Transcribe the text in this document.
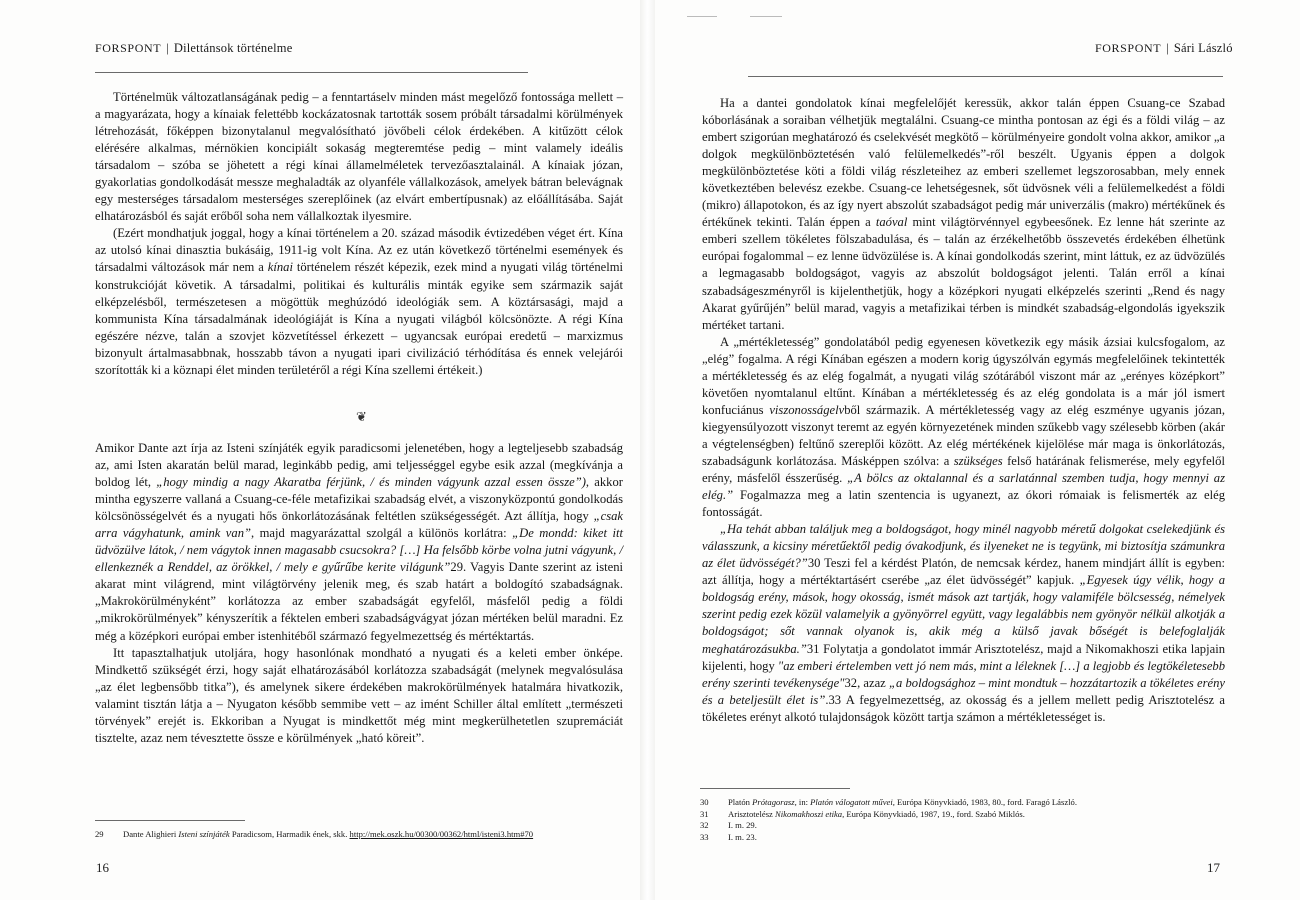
FORSPONT | Dilettánsok történelme

Történelmük változatlanságának pedig – a fenntartáselv minden mást megelőző fontossága mellett – a magyarázata, hogy a kínaiak felettébb kockázatosnak tartották sosem próbált társadalmi körülmények létrehozását, főképpen bizonytalanul megvalósítható jövőbeli célok érdekében. A kitűzött célok elérésére alkalmas, mérnökien koncipiált sokaság megteremtése pedig – mint valamely ideális társadalom – szóba se jöhetett a régi kínai államelméletek tervezőasztalainál. A kínaiak józan, gyakorlatias gondolkodását messze meghaladták az olyanféle vállalkozások, amelyek bátran belevágnak egy mesterséges társadalom mesterséges szereplőinek (az elvárt embertípusnak) az előállításába. Saját elhatározásból és saját erőből soha nem vállalkoztak ilyesmire.

(Ezért mondhatjuk joggal, hogy a kínai történelem a 20. század második évtizedében véget ért. Kína az utolsó kínai dinasztia bukásáig, 1911-ig volt Kína. Az ez után következő történelmi események és társadalmi változások már nem a kínai történelem részét képezik, ezek mind a nyugati világ történelmi konstrukcióját követik. A társadalmi, politikai és kulturális minták egyike sem származik saját elképzelésből, természetesen a mögöttük meghúzódó ideológiák sem. A köztársasági, majd a kommunista Kína társadalmának ideológiáját is Kína a nyugati világból kölcsönözte. A régi Kína egészére nézve, talán a szovjet közvetítéssel érkezett – ugyancsak európai eredetű – marxizmus bizonyult ártalmasabbnak, hosszabb távon a nyugati ipari civilizáció térhódítása és ennek velejárói szorították ki a köznapi élet minden területéről a régi Kína szellemi értékeit.)

❦

Amikor Dante azt írja az Isteni színjáték egyik paradicsomi jelenetében, hogy a legteljesebb szabadság az, ami Isten akaratán belül marad, leginkább pedig, ami teljességgel egybe esik azzal (megkívánja a boldog lét, „hogy mindig a nagy Akaratba férjünk, / és minden vágyunk azzal essen össze”), akkor mintha egyszerre vallaná a Csuang-ce-féle metafizikai szabadság elvét, a viszonyközpontú gondolkodás kölcsönösségelvét és a nyugati hős önkorlátozásának feltétlen szükségességét. Azt állítja, hogy „csak arra vágyhatunk, amink van”, majd magyarázattal szolgál a különös korlátra: „De mondd: kiket itt üdvözülve látok, / nem vágytok innen magasabb csucsokra? […] Ha felsőbb körbe volna jutni vágyunk, / ellenkeznék a Renddel, az örökkel, / mely e gyűrűbe kerite világunk”29. Vagyis Dante szerint az isteni akarat mint világrend, mint világtörvény jelenik meg, és szab határt a boldogító szabadságnak. „Makrokörülményként” korlátozza az ember szabadságát egyfelől, másfelől pedig a földi „mikrokörülmények” kényszerítik a féktelen emberi szabadságvágyat józan mértéken belül maradni. Ez még a középkori európai ember istenhitéből származó fegyelmezettség és mértéktartás.

Itt tapasztalhatjuk utoljára, hogy hasonlónak mondható a nyugati és a keleti ember önképe. Mindkettő szükségét érzi, hogy saját elhatározásából korlátozza szabadságát (melynek megvalósulása „az élet legbensőbb titka”), és amelynek sikere érdekében makrokörülmények hatalmára hivatkozik, valamint tisztán látja a – Nyugaton később semmibe vett – az imént Schiller által említett „természeti törvények” erejét is. Ekkoriban a Nyugat is mindkettőt még mint megkerülhetetlen szupremáciát tisztelte, azaz nem tévesztette össze e körülmények „ható köreit”.

29	Dante Alighieri Isteni színjáték Paradicsom, Harmadik ének, skk. http://mek.oszk.hu/00300/00362/html/isteni3.htm#70
16
FORSPONT | Sári László

Ha a dantei gondolatok kínai megfelelőjét keressük, akkor talán éppen Csuang-ce Szabad kóborlásának a soraiban vélhetjük megtalálni. Csuang-ce mintha pontosan az égi és a földi világ – az embert szigorúan meghatározó és cselekvését megkötő – körülményeire gondolt volna akkor, amikor „a dolgok megkülönböztetésén való felülemelkedés”-ről beszélt. Ugyanis éppen a dolgok megkülönböztetése köti a földi világ részleteihez az emberi szellemet legszorosabban, mely ennek következtében belevész ezekbe. Csuang-ce lehetségesnek, sőt üdvösnek véli a felülemelkedést a földi (mikro) állapotokon, és az így nyert abszolút szabadságot pedig már univerzális (makro) mértékűnek és értékűnek tekinti. Talán éppen a taóval mint világtörvénnyel egybeesőnek. Ez lenne hát szerinte az emberi szellem tökéletes fölszabadulása, és – talán az érzékelhetőbb összevetés érdekében élhetünk európai fogalommal – ez lenne üdvözülése is. A kínai gondolkodás szerint, mint láttuk, ez az üdvözülés a legmagasabb boldogságot, vagyis az abszolút boldogságot jelenti. Talán erről a kínai szabadságeszményről is kijelenthetjük, hogy a középkori nyugati elképzelés szerinti „Rend és nagy Akarat gyűrűjén” belül marad, vagyis a metafizikai térben is mindkét szabadság-elgondolás igyekszik mértéket tartani.

A „mértékletesség” gondolatából pedig egyenesen következik egy másik ázsiai kulcsfogalom, az „elég” fogalma. A régi Kínában egészen a modern korig úgyszólván egymás megfelelőinek tekintették a mértékletesség és az elég fogalmát, a nyugati világ szótárából viszont már az „erényes középkort” követően nyomtalanul eltűnt. Kínában a mértékletesség és az elég gondolata is a már jól ismert konfuciánus viszonosságelvből származik. A mértékletesség vagy az elég eszménye ugyanis józan, kiegyensúlyozott viszonyt teremt az egyén környezetének minden szűkebb vagy szélesebb körben (akár a végtelenségben) feltűnő szereplői között. Az elég mértékének kijelölése már maga is önkorlátozás, szabadságunk korlátozása. Másképpen szólva: a szükséges felső határának felismerése, mely egyfelől erény, másfelől ésszerűség. „A bölcs az oktalannal és a sarlatánnal szemben tudja, hogy mennyi az elég.” Fogalmazza meg a latin szentencia is ugyanezt, az ókori rómaiak is felismerték az elég fontosságát.

„Ha tehát abban találjuk meg a boldogságot, hogy minél nagyobb méretű dolgokat cselekedjünk és válasszunk, a kicsiny méretűektől pedig óvakodjunk, és ilyeneket ne is tegyünk, mi biztosítja számunkra az élet üdvösségét?”30 Teszi fel a kérdést Platón, de nemcsak kérdez, hanem mindjárt állít is egyben: azt állítja, hogy a mértéktartásért cserébe „az élet üdvösségét” kapjuk. „Egyesek úgy vélik, hogy a boldogság erény, mások, hogy okosság, ismét mások azt tartják, hogy valamiféle bölcsesség, némelyek szerint pedig ezek közül valamelyik a gyönyörrel együtt, vagy legalábbis nem gyönyör nélkül alkotják a boldogságot; sőt vannak olyanok is, akik még a külső javak bőségét is belefoglalják meghatározásukba.”31 Folytatja a gondolatot immár Arisztotelész, majd a Nikomakhoszi etika lapjain kijelenti, hogy "az emberi értelemben vett jó nem más, mint a léleknek […] a legjobb és legtökéletesebb erény szerinti tevékenysége"32, azaz „a boldogsághoz – mint mondtuk – hozzátartozik a tökéletes erény és a beteljesült élet is”.33 A fegyelmezettség, az okosság és a jellem mellett pedig Arisztotelész a tökéletes erényt alkotó tulajdonságok között tartja számon a mértékletességet is.

30	Platón Prótagorasz, in: Platón válogatott művei, Európa Könyvkiadó, 1983, 80., ford. Faragó László.
31	Arisztotelész Nikomakhoszi etika, Európa Könyvkiadó, 1987, 19., ford. Szabó Miklós.
32	I. m. 29.
33	I. m. 23.
17
